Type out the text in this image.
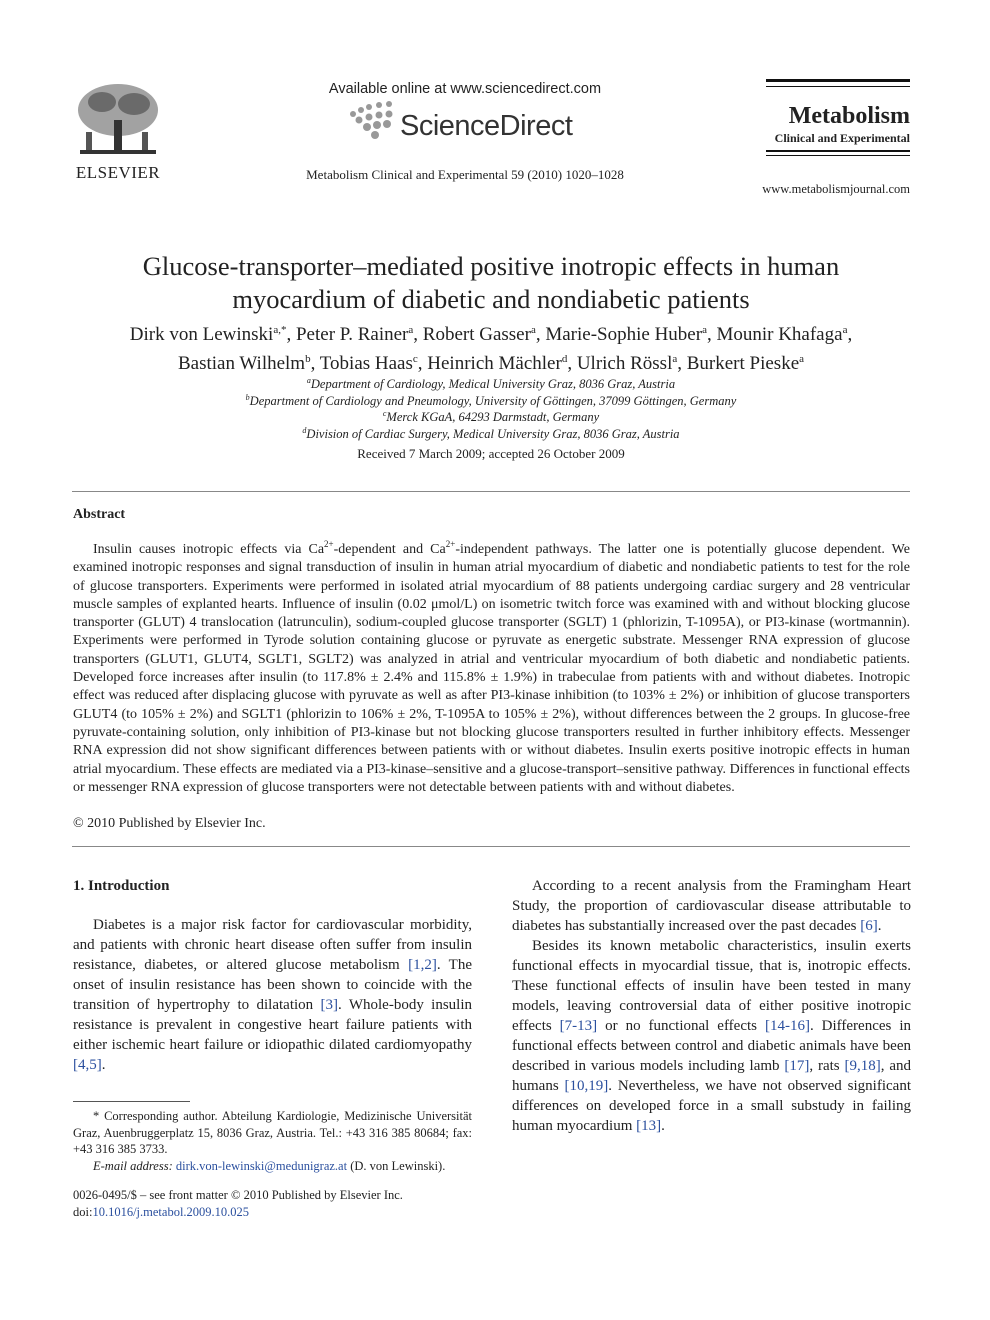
ELSEVIER
Available online at www.sciencedirect.com
ScienceDirect
Metabolism Clinical and Experimental 59 (2010) 1020–1028
Metabolism
Clinical and Experimental
www.metabolismjournal.com
Glucose-transporter–mediated positive inotropic effects in human
myocardium of diabetic and nondiabetic patients
Dirk von Lewinski$^{a,*}$, Peter P. Rainer$^a$, Robert Gasser$^a$, Marie-Sophie Huber$^a$, Mounir Khafaga$^a$,
Bastian Wilhelm$^b$, Tobias Haas$^c$, Heinrich Mächler$^d$, Ulrich Rössl$^a$, Burkert Pieske$^a$
$^a$Department of Cardiology, Medical University Graz, 8036 Graz, Austria
$^b$Department of Cardiology and Pneumology, University of Göttingen, 37099 Göttingen, Germany
$^c$Merck KGaA, 64293 Darmstadt, Germany
$^d$Division of Cardiac Surgery, Medical University Graz, 8036 Graz, Austria
Received 7 March 2009; accepted 26 October 2009
Abstract
Insulin causes inotropic effects via $Ca^{2+}$-dependent and $Ca^{2+}$-independent pathways. The latter one is potentially glucose dependent. We examined inotropic responses and signal transduction of insulin in human atrial myocardium of diabetic and nondiabetic patients to test for the role of glucose transporters. Experiments were performed in isolated atrial myocardium of 88 patients undergoing cardiac surgery and 28 ventricular muscle samples of explanted hearts. Influence of insulin (0.02 μmol/L) on isometric twitch force was examined with and without blocking glucose transporter (GLUT) 4 translocation (latrunculin), sodium-coupled glucose transporter (SGLT) 1 (phlorizin, T-1095A), or PI3-kinase (wortmannin). Experiments were performed in Tyrode solution containing glucose or pyruvate as energetic substrate. Messenger RNA expression of glucose transporters (GLUT1, GLUT4, SGLT1, SGLT2) was analyzed in atrial and ventricular myocardium of both diabetic and nondiabetic patients. Developed force increases after insulin (to 117.8% ± 2.4% and 115.8% ± 1.9%) in trabeculae from patients with and without diabetes. Inotropic effect was reduced after displacing glucose with pyruvate as well as after PI3-kinase inhibition (to 103% ± 2%) or inhibition of glucose transporters GLUT4 (to 105% ± 2%) and SGLT1 (phlorizin to 106% ± 2%, T-1095A to 105% ± 2%), without differences between the 2 groups. In glucose-free pyruvate-containing solution, only inhibition of PI3-kinase but not blocking glucose transporters resulted in further inhibitory effects. Messenger RNA expression did not show significant differences between patients with or without diabetes. Insulin exerts positive inotropic effects in human atrial myocardium. These effects are mediated via a PI3-kinase–sensitive and a glucose-transport–sensitive pathway. Differences in functional effects or messenger RNA expression of glucose transporters were not detectable between patients with and without diabetes.
© 2010 Published by Elsevier Inc.
1. Introduction

Diabetes is a major risk factor for cardiovascular morbidity, and patients with chronic heart disease often suffer from insulin resistance, diabetes, or altered glucose metabolism [1,2]. The onset of insulin resistance has been shown to coincide with the transition of hypertrophy to dilatation [3]. Whole-body insulin resistance is prevalent in congestive heart failure patients with either ischemic heart failure or idiopathic dilated cardiomyopathy [4,5].

According to a recent analysis from the Framingham Heart Study, the proportion of cardiovascular disease attributable to diabetes has substantially increased over the past decades [6].

Besides its known metabolic characteristics, insulin exerts functional effects in myocardial tissue, that is, inotropic effects. These functional effects of insulin have been tested in many models, leaving controversial data of either positive inotropic effects [7-13] or no functional effects [14-16]. Differences in functional effects between control and diabetic animals have been described in various models including lamb [17], rats [9,18], and humans [10,19]. Nevertheless, we have not observed significant differences on developed force in a small substudy in failing human myocardium [13].

* Corresponding author. Abteilung Kardiologie, Medizinische Universität Graz, Auenbruggerplatz 15, 8036 Graz, Austria. Tel.: +43 316 385 80684; fax: +43 316 385 3733.

E-mail address: dirk.von-lewinski@medunigraz.at (D. von Lewinski).

0026-0495/$ – see front matter © 2010 Published by Elsevier Inc.
doi:10.1016/j.metabol.2009.10.025
